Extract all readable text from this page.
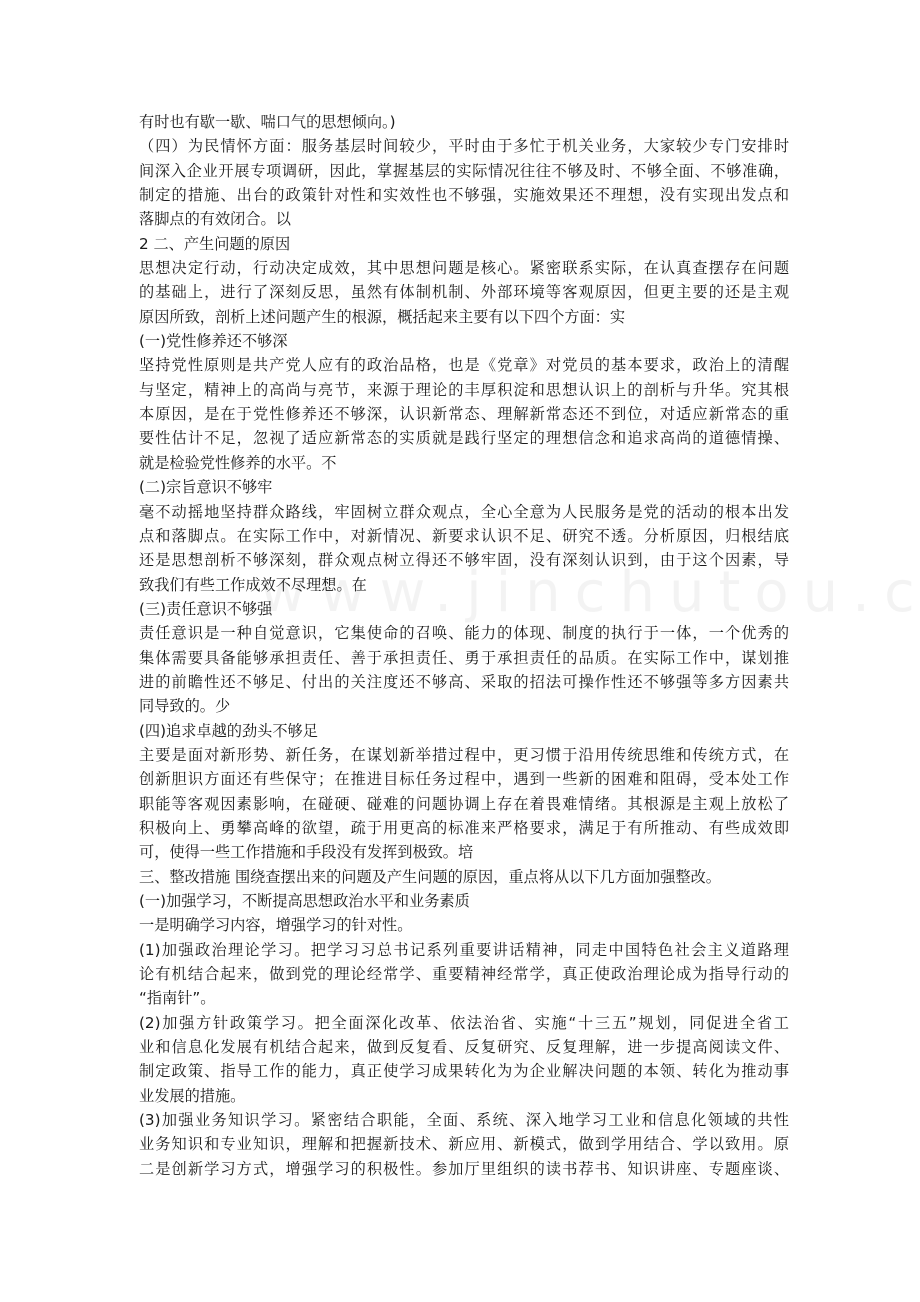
有时也有歇一歇、喘口气的思想倾向。)
（四）为民情怀方面：服务基层时间较少，平时由于多忙于机关业务，大家较少专门安排时
间深入企业开展专项调研，因此，掌握基层的实际情况往往不够及时、不够全面、不够准确，
制定的措施、出台的政策针对性和实效性也不够强，实施效果还不理想，没有实现出发点和
落脚点的有效闭合。以
2 二、产生问题的原因
思想决定行动，行动决定成效，其中思想问题是核心。紧密联系实际，在认真查摆存在问题
的基础上，进行了深刻反思，虽然有体制机制、外部环境等客观原因，但更主要的还是主观
原因所致，剖析上述问题产生的根源，概括起来主要有以下四个方面：实
(一)党性修养还不够深
坚持党性原则是共产党人应有的政治品格，也是《党章》对党员的基本要求，政治上的清醒
与坚定，精神上的高尚与亮节，来源于理论的丰厚积淀和思想认识上的剖析与升华。究其根
本原因，是在于党性修养还不够深，认识新常态、理解新常态还不到位，对适应新常态的重
要性估计不足，忽视了适应新常态的实质就是践行坚定的理想信念和追求高尚的道德情操、
就是检验党性修养的水平。不
(二)宗旨意识不够牢
毫不动摇地坚持群众路线，牢固树立群众观点，全心全意为人民服务是党的活动的根本出发
点和落脚点。在实际工作中，对新情况、新要求认识不足、研究不透。分析原因，归根结底
还是思想剖析不够深刻，群众观点树立得还不够牢固，没有深刻认识到，由于这个因素，导
致我们有些工作成效不尽理想。在
(三)责任意识不够强
责任意识是一种自觉意识，它集使命的召唤、能力的体现、制度的执行于一体，一个优秀的
集体需要具备能够承担责任、善于承担责任、勇于承担责任的品质。在实际工作中，谋划推
进的前瞻性还不够足、付出的关注度还不够高、采取的招法可操作性还不够强等多方因素共
同导致的。少
(四)追求卓越的劲头不够足
主要是面对新形势、新任务，在谋划新举措过程中，更习惯于沿用传统思维和传统方式，在
创新胆识方面还有些保守；在推进目标任务过程中，遇到一些新的困难和阻碍，受本处工作
职能等客观因素影响，在碰硬、碰难的问题协调上存在着畏难情绪。其根源是主观上放松了
积极向上、勇攀高峰的欲望，疏于用更高的标准来严格要求，满足于有所推动、有些成效即
可，使得一些工作措施和手段没有发挥到极致。培
三、整改措施 围绕查摆出来的问题及产生问题的原因，重点将从以下几方面加强整改。
(一)加强学习，不断提高思想政治水平和业务素质
一是明确学习内容，增强学习的针对性。
(1)加强政治理论学习。把学习习总书记系列重要讲话精神，同走中国特色社会主义道路理
论有机结合起来，做到党的理论经常学、重要精神经常学，真正使政治理论成为指导行动的
“指南针”。
(2)加强方针政策学习。把全面深化改革、依法治省、实施“十三五”规划，同促进全省工
业和信息化发展有机结合起来，做到反复看、反复研究、反复理解，进一步提高阅读文件、
制定政策、指导工作的能力，真正使学习成果转化为为企业解决问题的本领、转化为推动事
业发展的措施。
(3)加强业务知识学习。紧密结合职能，全面、系统、深入地学习工业和信息化领域的共性
业务知识和专业知识，理解和把握新技术、新应用、新模式，做到学用结合、学以致用。原
二是创新学习方式，增强学习的积极性。参加厅里组织的读书荐书、知识讲座、专题座谈、
